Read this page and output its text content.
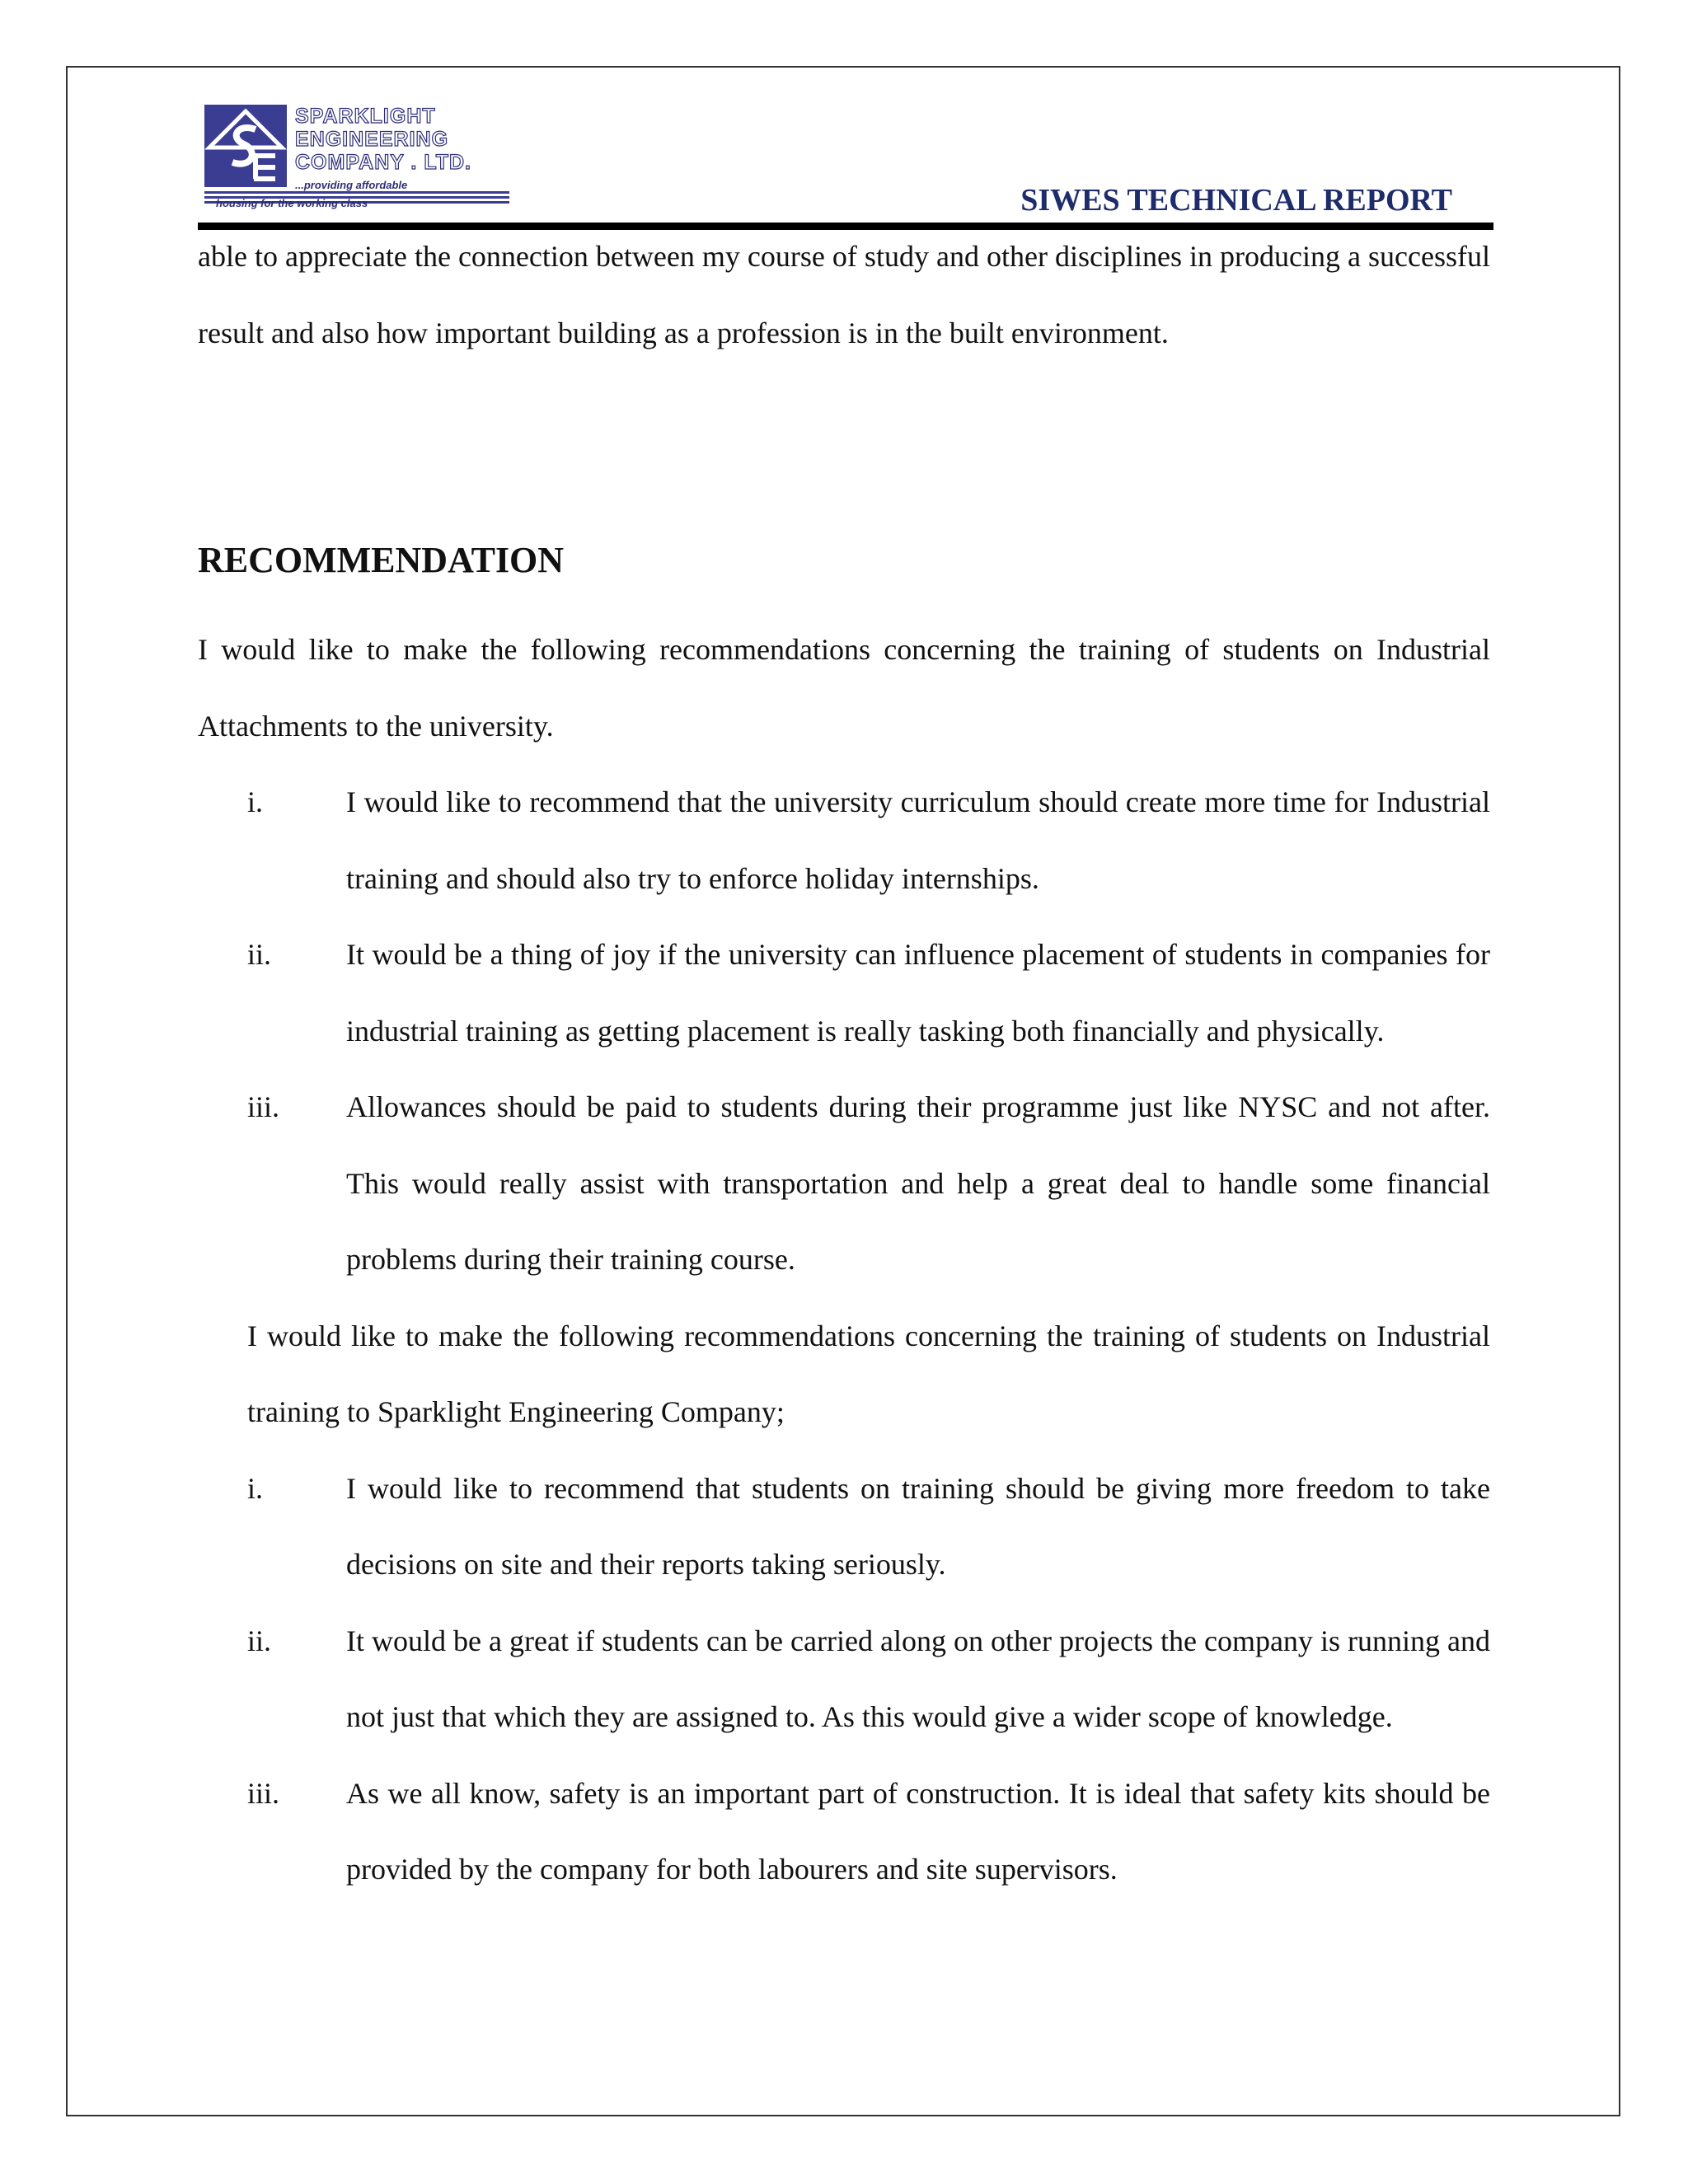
SPARKLIGHT
ENGINEERING
COMPANY . LTD.
...providing affordable
housing for the working class	SIWES TECHNICAL REPORT

able to appreciate the connection between my course of study and other disciplines in producing a successful result and also how important building as a profession is in the built environment.

RECOMMENDATION

I would like to make the following recommendations concerning the training of students on Industrial Attachments to the university.

i.	I would like to recommend that the university curriculum should create more time for Industrial training and should also try to enforce holiday internships.

ii.	It would be a thing of joy if the university can influence placement of students in companies for industrial training as getting placement is really tasking both financially and physically.

iii. Allowances should be paid to students during their programme just like NYSC and not after. This would really assist with transportation and help a great deal to handle some financial problems during their training course.

I would like to make the following recommendations concerning the training of students on Industrial training to Sparklight Engineering Company;

i.	I would like to recommend that students on training should be giving more freedom to take decisions on site and their reports taking seriously.

ii.	It would be a great if students can be carried along on other projects the company is running and not just that which they are assigned to. As this would give a wider scope of knowledge.

iii. As we all know, safety is an important part of construction. It is ideal that safety kits should be provided by the company for both labourers and site supervisors.
